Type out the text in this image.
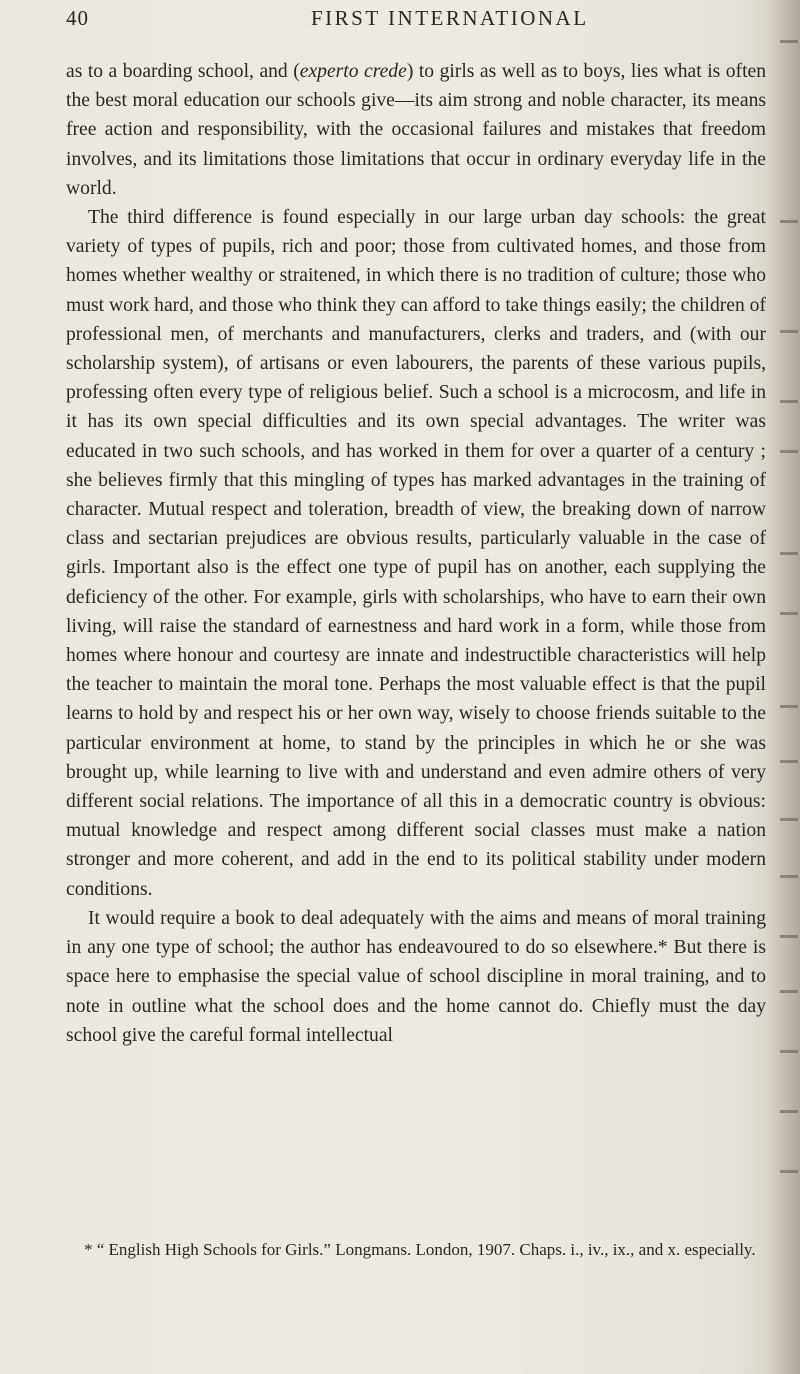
40	FIRST INTERNATIONAL

as to a boarding school, and (experto crede) to girls as well as to boys, lies what is often the best moral education our schools give—its aim strong and noble character, its means free action and responsibility, with the occasional failures and mistakes that freedom involves, and its limitations those limitations that occur in ordinary everyday life in the world.

The third difference is found especially in our large urban day schools: the great variety of types of pupils, rich and poor; those from cultivated homes, and those from homes whether wealthy or straitened, in which there is no tradition of culture; those who must work hard, and those who think they can afford to take things easily; the children of professional men, of merchants and manufacturers, clerks and traders, and (with our scholarship system), of artisans or even labourers, the parents of these various pupils, professing often every type of religious belief. Such a school is a microcosm, and life in it has its own special difficulties and its own special advantages. The writer was educated in two such schools, and has worked in them for over a quarter of a century ; she believes firmly that this mingling of types has marked advantages in the training of character. Mutual respect and toleration, breadth of view, the breaking down of narrow class and sectarian prejudices are obvious results, particularly valuable in the case of girls. Important also is the effect one type of pupil has on another, each supplying the deficiency of the other. For example, girls with scholarships, who have to earn their own living, will raise the standard of earnestness and hard work in a form, while those from homes where honour and courtesy are innate and indestructible characteristics will help the teacher to maintain the moral tone. Perhaps the most valuable effect is that the pupil learns to hold by and respect his or her own way, wisely to choose friends suitable to the particular environment at home, to stand by the principles in which he or she was brought up, while learning to live with and understand and even admire others of very different social relations. The importance of all this in a democratic country is obvious: mutual knowledge and respect among different social classes must make a nation stronger and more coherent, and add in the end to its political stability under modern conditions.

It would require a book to deal adequately with the aims and means of moral training in any one type of school; the author has endeavoured to do so elsewhere.* But there is space here to emphasise the special value of school discipline in moral training, and to note in outline what the school does and the home cannot do. Chiefly must the day school give the careful formal intellectual

* “ English High Schools for Girls.” Longmans. London, 1907. Chaps. i., iv., ix., and x. especially.
